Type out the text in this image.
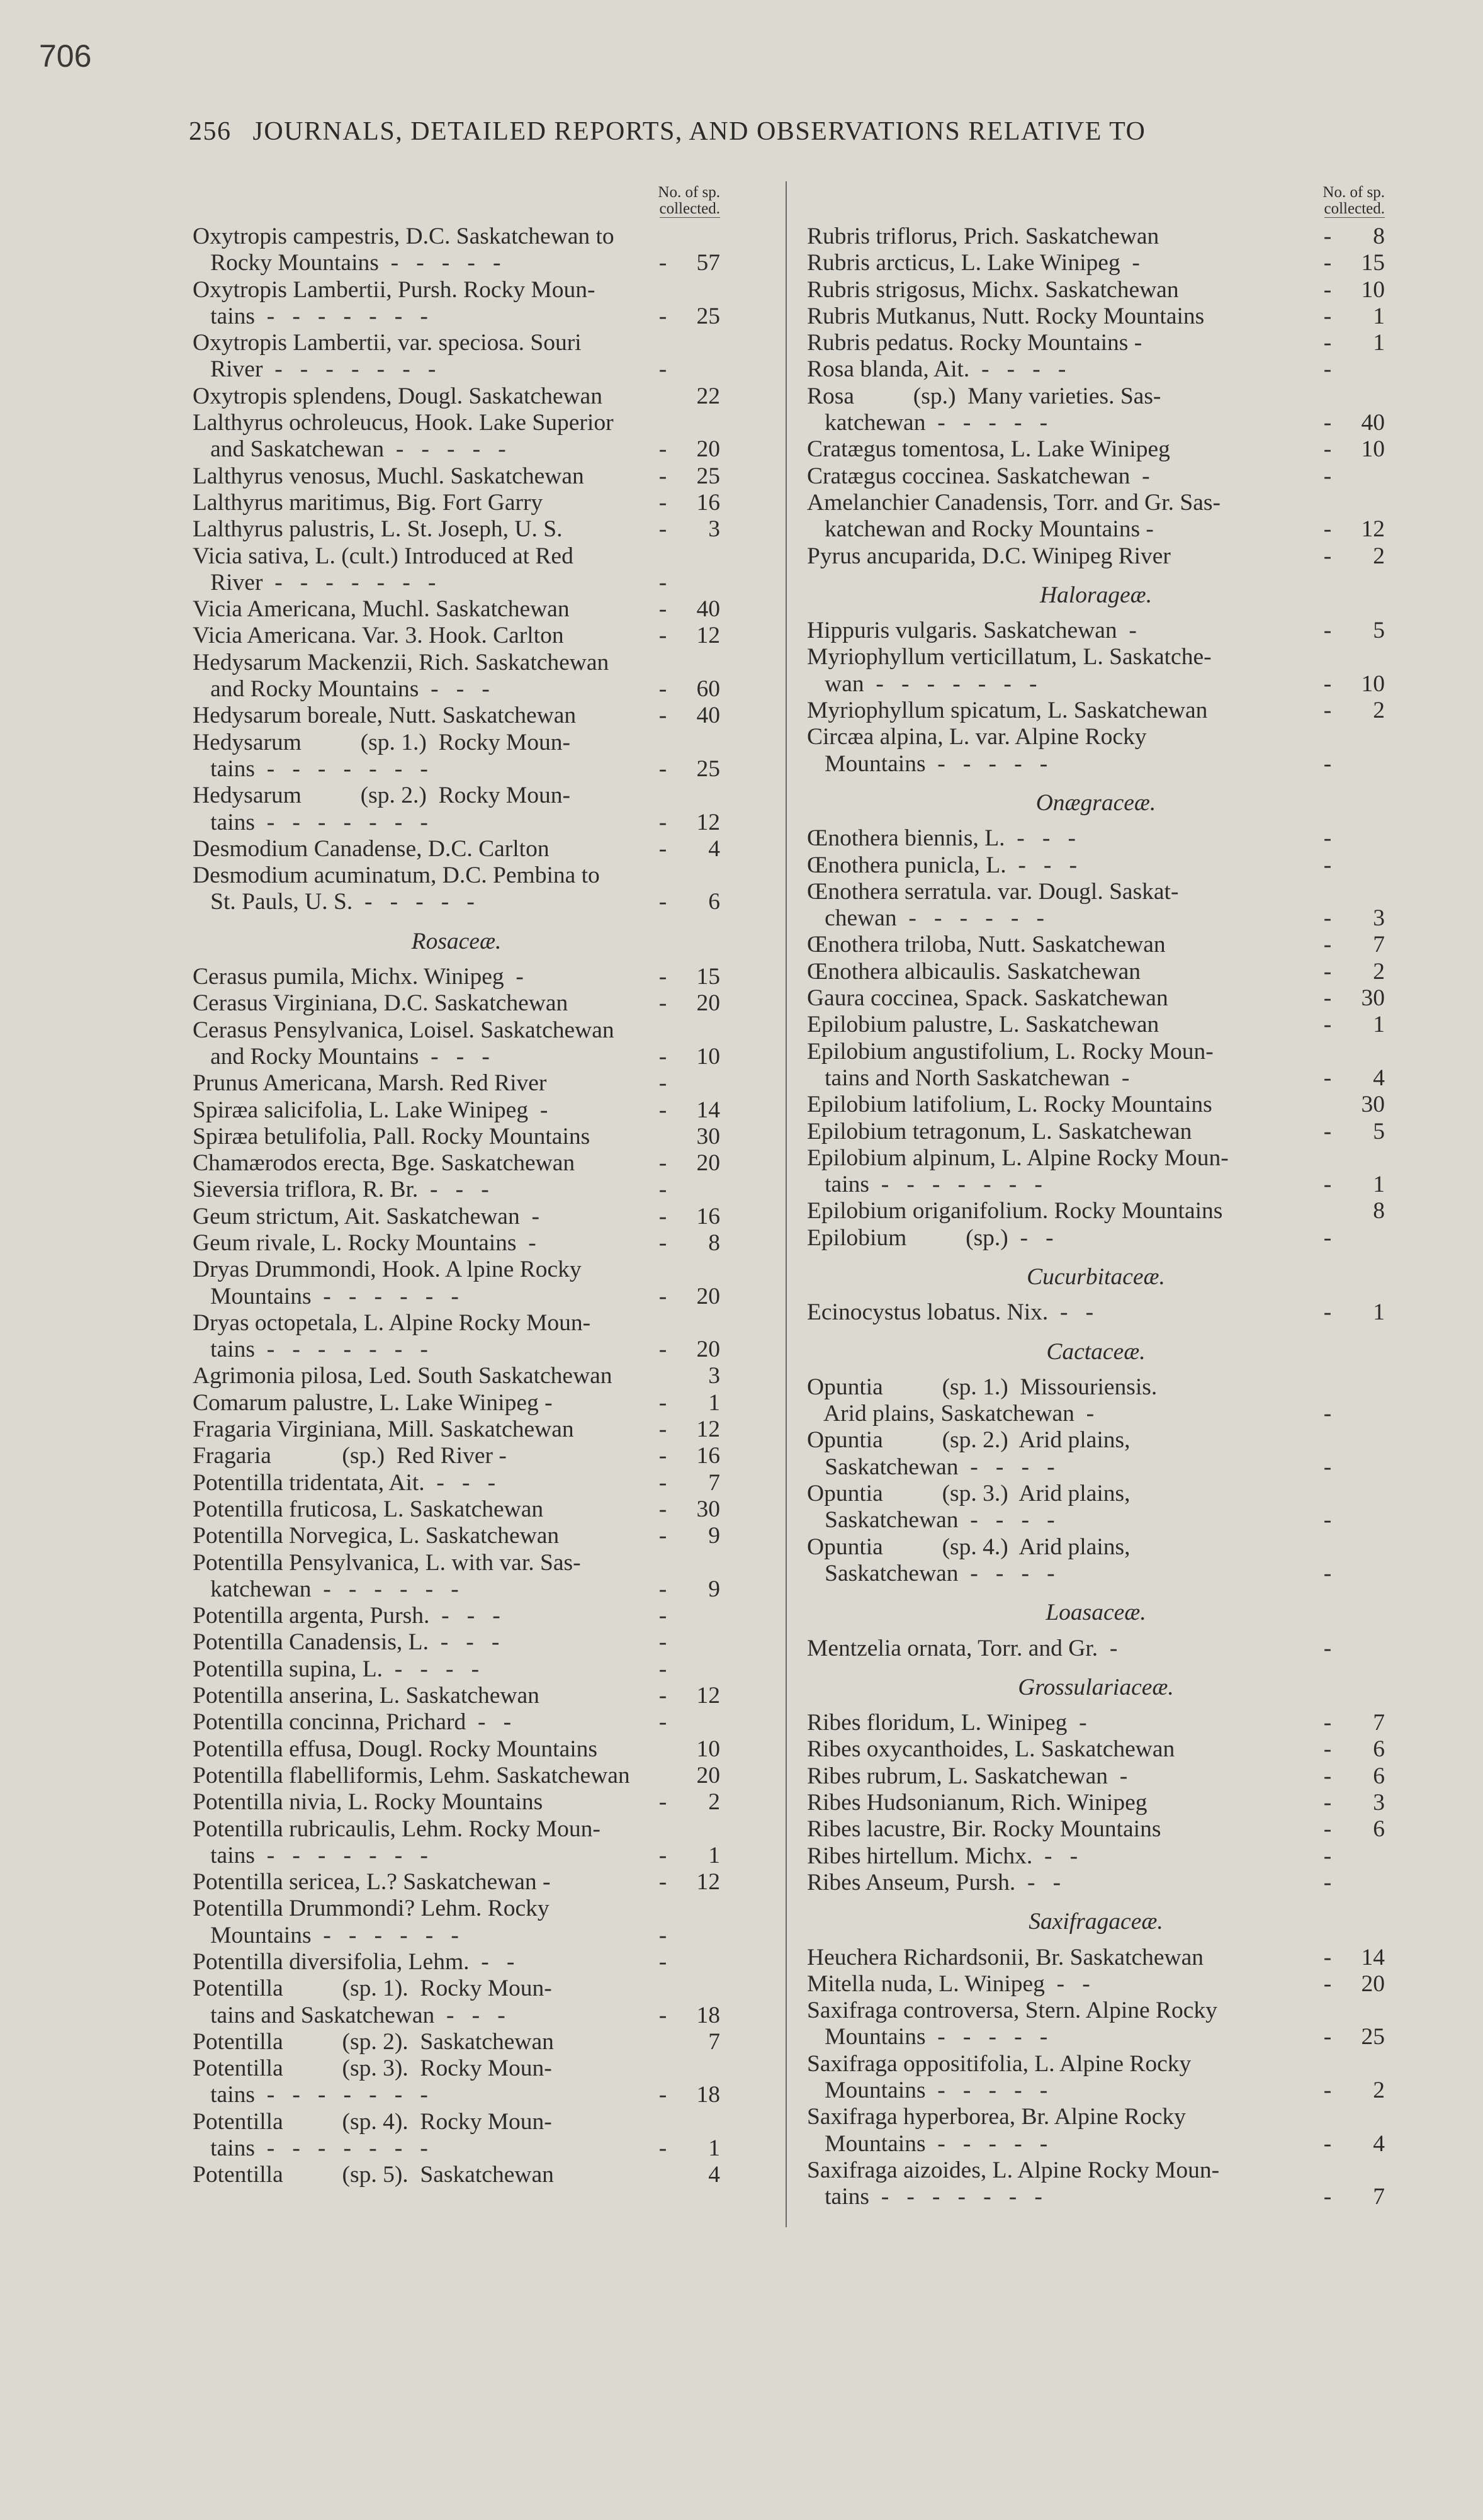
706
256 JOURNALS, DETAILED REPORTS, AND OBSERVATIONS RELATIVE TO
No. of sp.
collected.
Oxytropis campestris, D.C. Saskatchewan to
Rocky Mountains  -   -   -   -   -	-	57
Oxytropis Lambertii, Pursh. Rocky Moun-
tains  -   -   -   -   -   -   -	-	25
Oxytropis Lambertii, var. speciosa. Souri
River  -   -   -   -   -   -   -	-
Oxytropis splendens, Dougl. Saskatchewan	22
Lalthyrus ochroleucus, Hook. Lake Superior
and Saskatchewan  -   -   -   -   -	-	20
Lalthyrus venosus, Muchl. Saskatchewan	-	25
Lalthyrus maritimus, Big. Fort Garry	-	16
Lalthyrus palustris, L. St. Joseph, U. S.	-	3
Vicia sativa, L. (cult.) Introduced at Red
River  -   -   -   -   -   -   -	-
Vicia Americana, Muchl. Saskatchewan	-	40
Vicia Americana. Var. 3. Hook. Carlton	-	12
Hedysarum Mackenzii, Rich. Saskatchewan
and Rocky Mountains  -   -   -	-	60
Hedysarum boreale, Nutt. Saskatchewan	-	40
Hedysarum          (sp. 1.)  Rocky Moun-
tains  -   -   -   -   -   -   -	-	25
Hedysarum          (sp. 2.)  Rocky Moun-
tains  -   -   -   -   -   -   -	-	12
Desmodium Canadense, D.C. Carlton	-	4
Desmodium acuminatum, D.C. Pembina to
St. Pauls, U. S.  -   -   -   -   -	-	6
Rosaceæ.
Cerasus pumila, Michx. Winipeg  -	-	15
Cerasus Virginiana, D.C. Saskatchewan	-	20
Cerasus Pensylvanica, Loisel. Saskatchewan
and Rocky Mountains  -   -   -	-	10
Prunus Americana, Marsh. Red River	-
Spiræa salicifolia, L. Lake Winipeg  -	-	14
Spiræa betulifolia, Pall. Rocky Mountains	30
Chamærodos erecta, Bge. Saskatchewan	-	20
Sieversia triflora, R. Br.  -   -   -	-
Geum strictum, Ait. Saskatchewan  -	-	16
Geum rivale, L. Rocky Mountains  -	-	8
Dryas Drummondi, Hook. A lpine Rocky
Mountains  -   -   -   -   -   -	-	20
Dryas octopetala, L. Alpine Rocky Moun-
tains  -   -   -   -   -   -   -	-	20
Agrimonia pilosa, Led. South Saskatchewan	3
Comarum palustre, L. Lake Winipeg -	-	1
Fragaria Virginiana, Mill. Saskatchewan	-	12
Fragaria            (sp.)  Red River -	-	16
Potentilla tridentata, Ait.  -   -   -	-	7
Potentilla fruticosa, L. Saskatchewan	-	30
Potentilla Norvegica, L. Saskatchewan	-	9
Potentilla Pensylvanica, L. with var. Sas-
katchewan  -   -   -   -   -   -	-	9
Potentilla argenta, Pursh.  -   -   -	-
Potentilla Canadensis, L.  -   -   -	-
Potentilla supina, L.  -   -   -   -	-
Potentilla anserina, L. Saskatchewan	-	12
Potentilla concinna, Prichard  -   -	-
Potentilla effusa, Dougl. Rocky Mountains	10
Potentilla flabelliformis, Lehm. Saskatchewan	20
Potentilla nivia, L. Rocky Mountains	-	2
Potentilla rubricaulis, Lehm. Rocky Moun-
tains  -   -   -   -   -   -   -	-	1
Potentilla sericea, L.? Saskatchewan -	-	12
Potentilla Drummondi? Lehm. Rocky
Mountains  -   -   -   -   -   -	-
Potentilla diversifolia, Lehm.  -   -	-
Potentilla          (sp. 1).  Rocky Moun-
tains and Saskatchewan  -   -   -	-	18
Potentilla          (sp. 2).  Saskatchewan	7
Potentilla          (sp. 3).  Rocky Moun-
tains  -   -   -   -   -   -   -	-	18
Potentilla          (sp. 4).  Rocky Moun-
tains  -   -   -   -   -   -   -	-	1
Potentilla          (sp. 5).  Saskatchewan	4
No. of sp.
collected.
Rubris triflorus, Prich. Saskatchewan	-	8
Rubris arcticus, L. Lake Winipeg  -	-	15
Rubris strigosus, Michx. Saskatchewan	-	10
Rubris Mutkanus, Nutt. Rocky Mountains	-	1
Rubris pedatus. Rocky Mountains -	-	1
Rosa blanda, Ait.  -   -   -   -	-
Rosa          (sp.)  Many varieties. Sas-
katchewan  -   -   -   -   -	-	40
Cratægus tomentosa, L. Lake Winipeg	-	10
Cratægus coccinea. Saskatchewan  -	-
Amelanchier Canadensis, Torr. and Gr. Sas-
katchewan and Rocky Mountains -	-	12
Pyrus ancuparida, D.C. Winipeg River	-	2
Halorageæ.
Hippuris vulgaris. Saskatchewan  -	-	5
Myriophyllum verticillatum, L. Saskatche-
wan  -   -   -   -   -   -   -	-	10
Myriophyllum spicatum, L. Saskatchewan	-	2
Circæa alpina, L. var. Alpine Rocky
Mountains  -   -   -   -   -	-
Onægraceæ.
Œnothera biennis, L.  -   -   -	-
Œnothera punicla, L.  -   -   -	-
Œnothera serratula. var. Dougl. Saskat-
chewan  -   -   -   -   -   -	-	3
Œnothera triloba, Nutt. Saskatchewan	-	7
Œnothera albicaulis. Saskatchewan	-	2
Gaura coccinea, Spack. Saskatchewan	-	30
Epilobium palustre, L. Saskatchewan	-	1
Epilobium angustifolium, L. Rocky Moun-
tains and North Saskatchewan  -	-	4
Epilobium latifolium, L. Rocky Mountains	30
Epilobium tetragonum, L. Saskatchewan	-	5
Epilobium alpinum, L. Alpine Rocky Moun-
tains  -   -   -   -   -   -   -	-	1
Epilobium origanifolium. Rocky Mountains	8
Epilobium          (sp.)  -   -	-
Cucurbitaceæ.
Ecinocystus lobatus. Nix.  -   -	-	1
Cactaceæ.
Opuntia          (sp. 1.)  Missouriensis.
Arid plains, Saskatchewan  -	-
Opuntia          (sp. 2.)  Arid plains,
Saskatchewan  -   -   -   -	-
Opuntia          (sp. 3.)  Arid plains,
Saskatchewan  -   -   -   -	-
Opuntia          (sp. 4.)  Arid plains,
Saskatchewan  -   -   -   -	-
Loasaceæ.
Mentzelia ornata, Torr. and Gr.  -	-
Grossulariaceæ.
Ribes floridum, L. Winipeg  -	-	7
Ribes oxycanthoides, L. Saskatchewan	-	6
Ribes rubrum, L. Saskatchewan  -	-	6
Ribes Hudsonianum, Rich. Winipeg	-	3
Ribes lacustre, Bir. Rocky Mountains	-	6
Ribes hirtellum. Michx.  -   -	-
Ribes Anseum, Pursh.  -   -	-
Saxifragaceæ.
Heuchera Richardsonii, Br. Saskatchewan	-	14
Mitella nuda, L. Winipeg  -   -	-	20
Saxifraga controversa, Stern. Alpine Rocky
Mountains  -   -   -   -   -	-	25
Saxifraga oppositifolia, L. Alpine Rocky
Mountains  -   -   -   -   -	-	2
Saxifraga hyperborea, Br. Alpine Rocky
Mountains  -   -   -   -   -	-	4
Saxifraga aizoides, L. Alpine Rocky Moun-
tains  -   -   -   -   -   -   -	-	7
